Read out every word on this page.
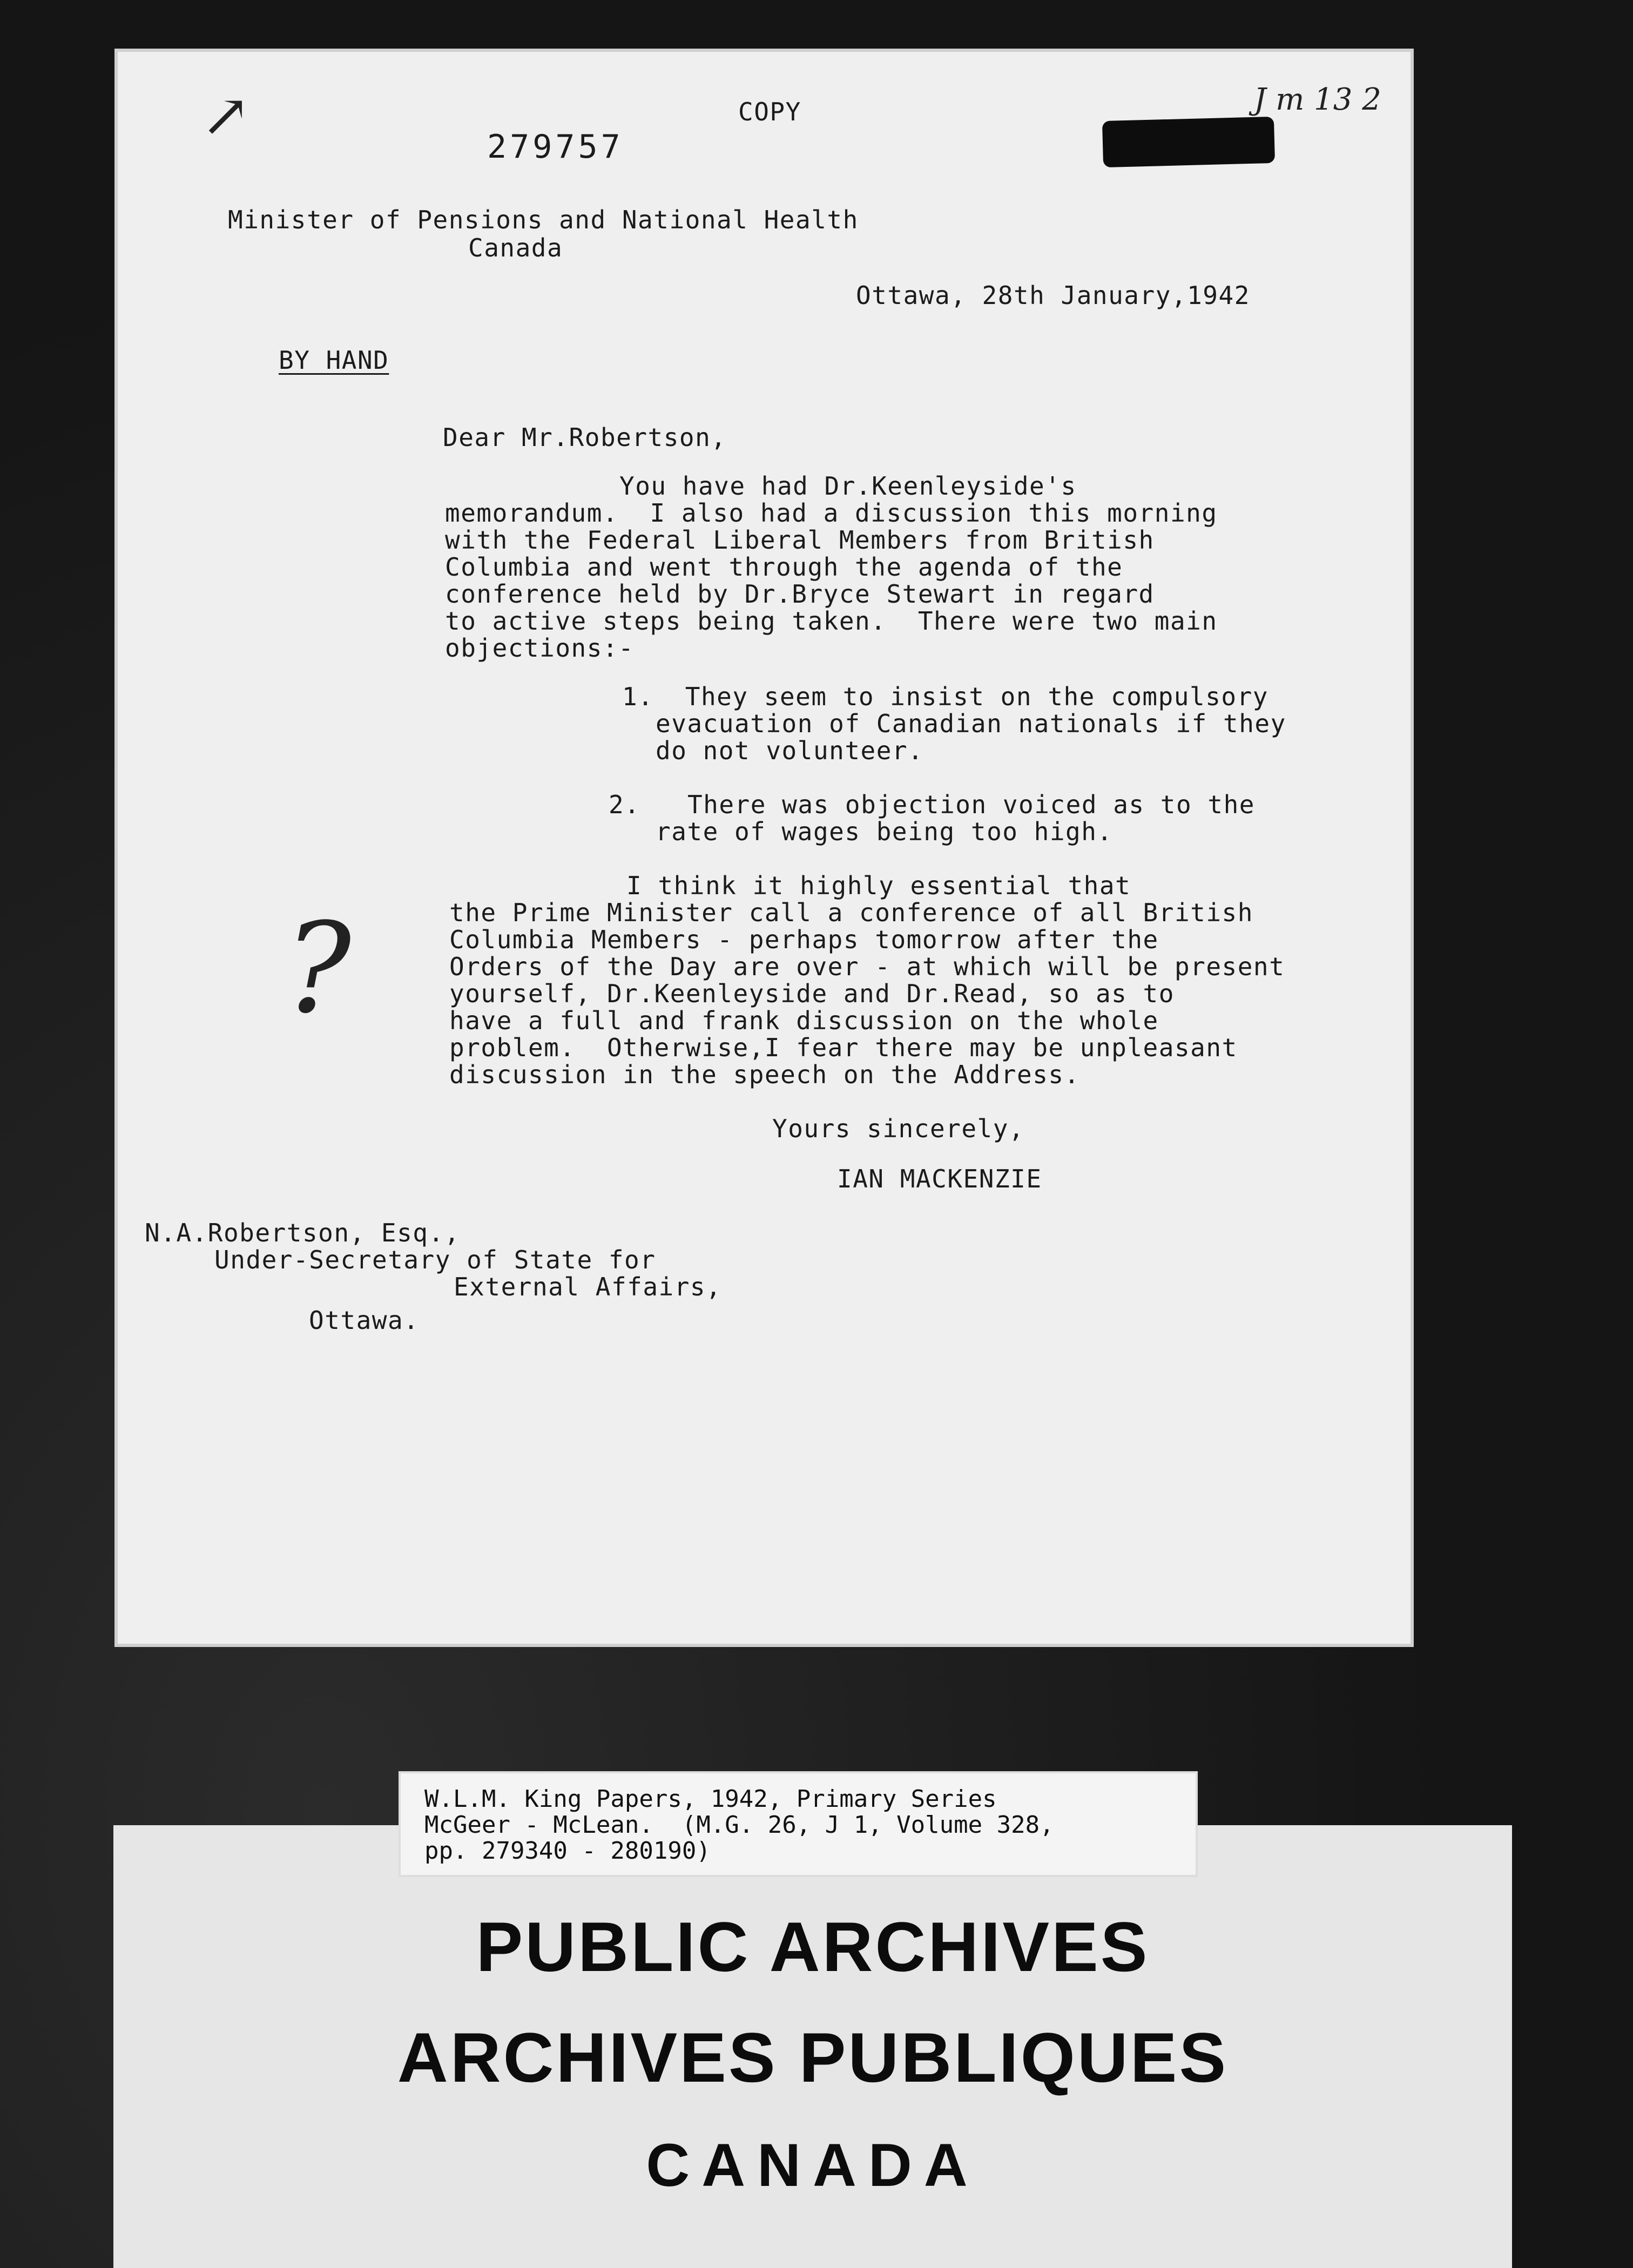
↗	COPY	J m 13 2
279757
Minister of Pensions and National Health
Canada
Ottawa, 28th January,1942
BY HAND
Dear Mr.Robertson,
You have had Dr.Keenleyside's
memorandum.  I also had a discussion this morning
with the Federal Liberal Members from British
Columbia and went through the agenda of the
conference held by Dr.Bryce Stewart in regard
to active steps being taken.  There were two main
objections:-
1.  They seem to insist on the compulsory
evacuation of Canadian nationals if they
do not volunteer.
2.   There was objection voiced as to the
rate of wages being too high.
I think it highly essential that
the Prime Minister call a conference of all British
Columbia Members - perhaps tomorrow after the
Orders of the Day are over - at which will be present
yourself, Dr.Keenleyside and Dr.Read, so as to
have a full and frank discussion on the whole
problem.  Otherwise,I fear there may be unpleasant
discussion in the speech on the Address.
?
Yours sincerely,
IAN MACKENZIE
N.A.Robertson, Esq.,
Under-Secretary of State for
External Affairs,
Ottawa.
PUBLIC ARCHIVES
ARCHIVES PUBLIQUES
CANADA
W.L.M. King Papers, 1942, Primary Series
McGeer - McLean.  (M.G. 26, J 1, Volume 328,
pp. 279340 - 280190)
